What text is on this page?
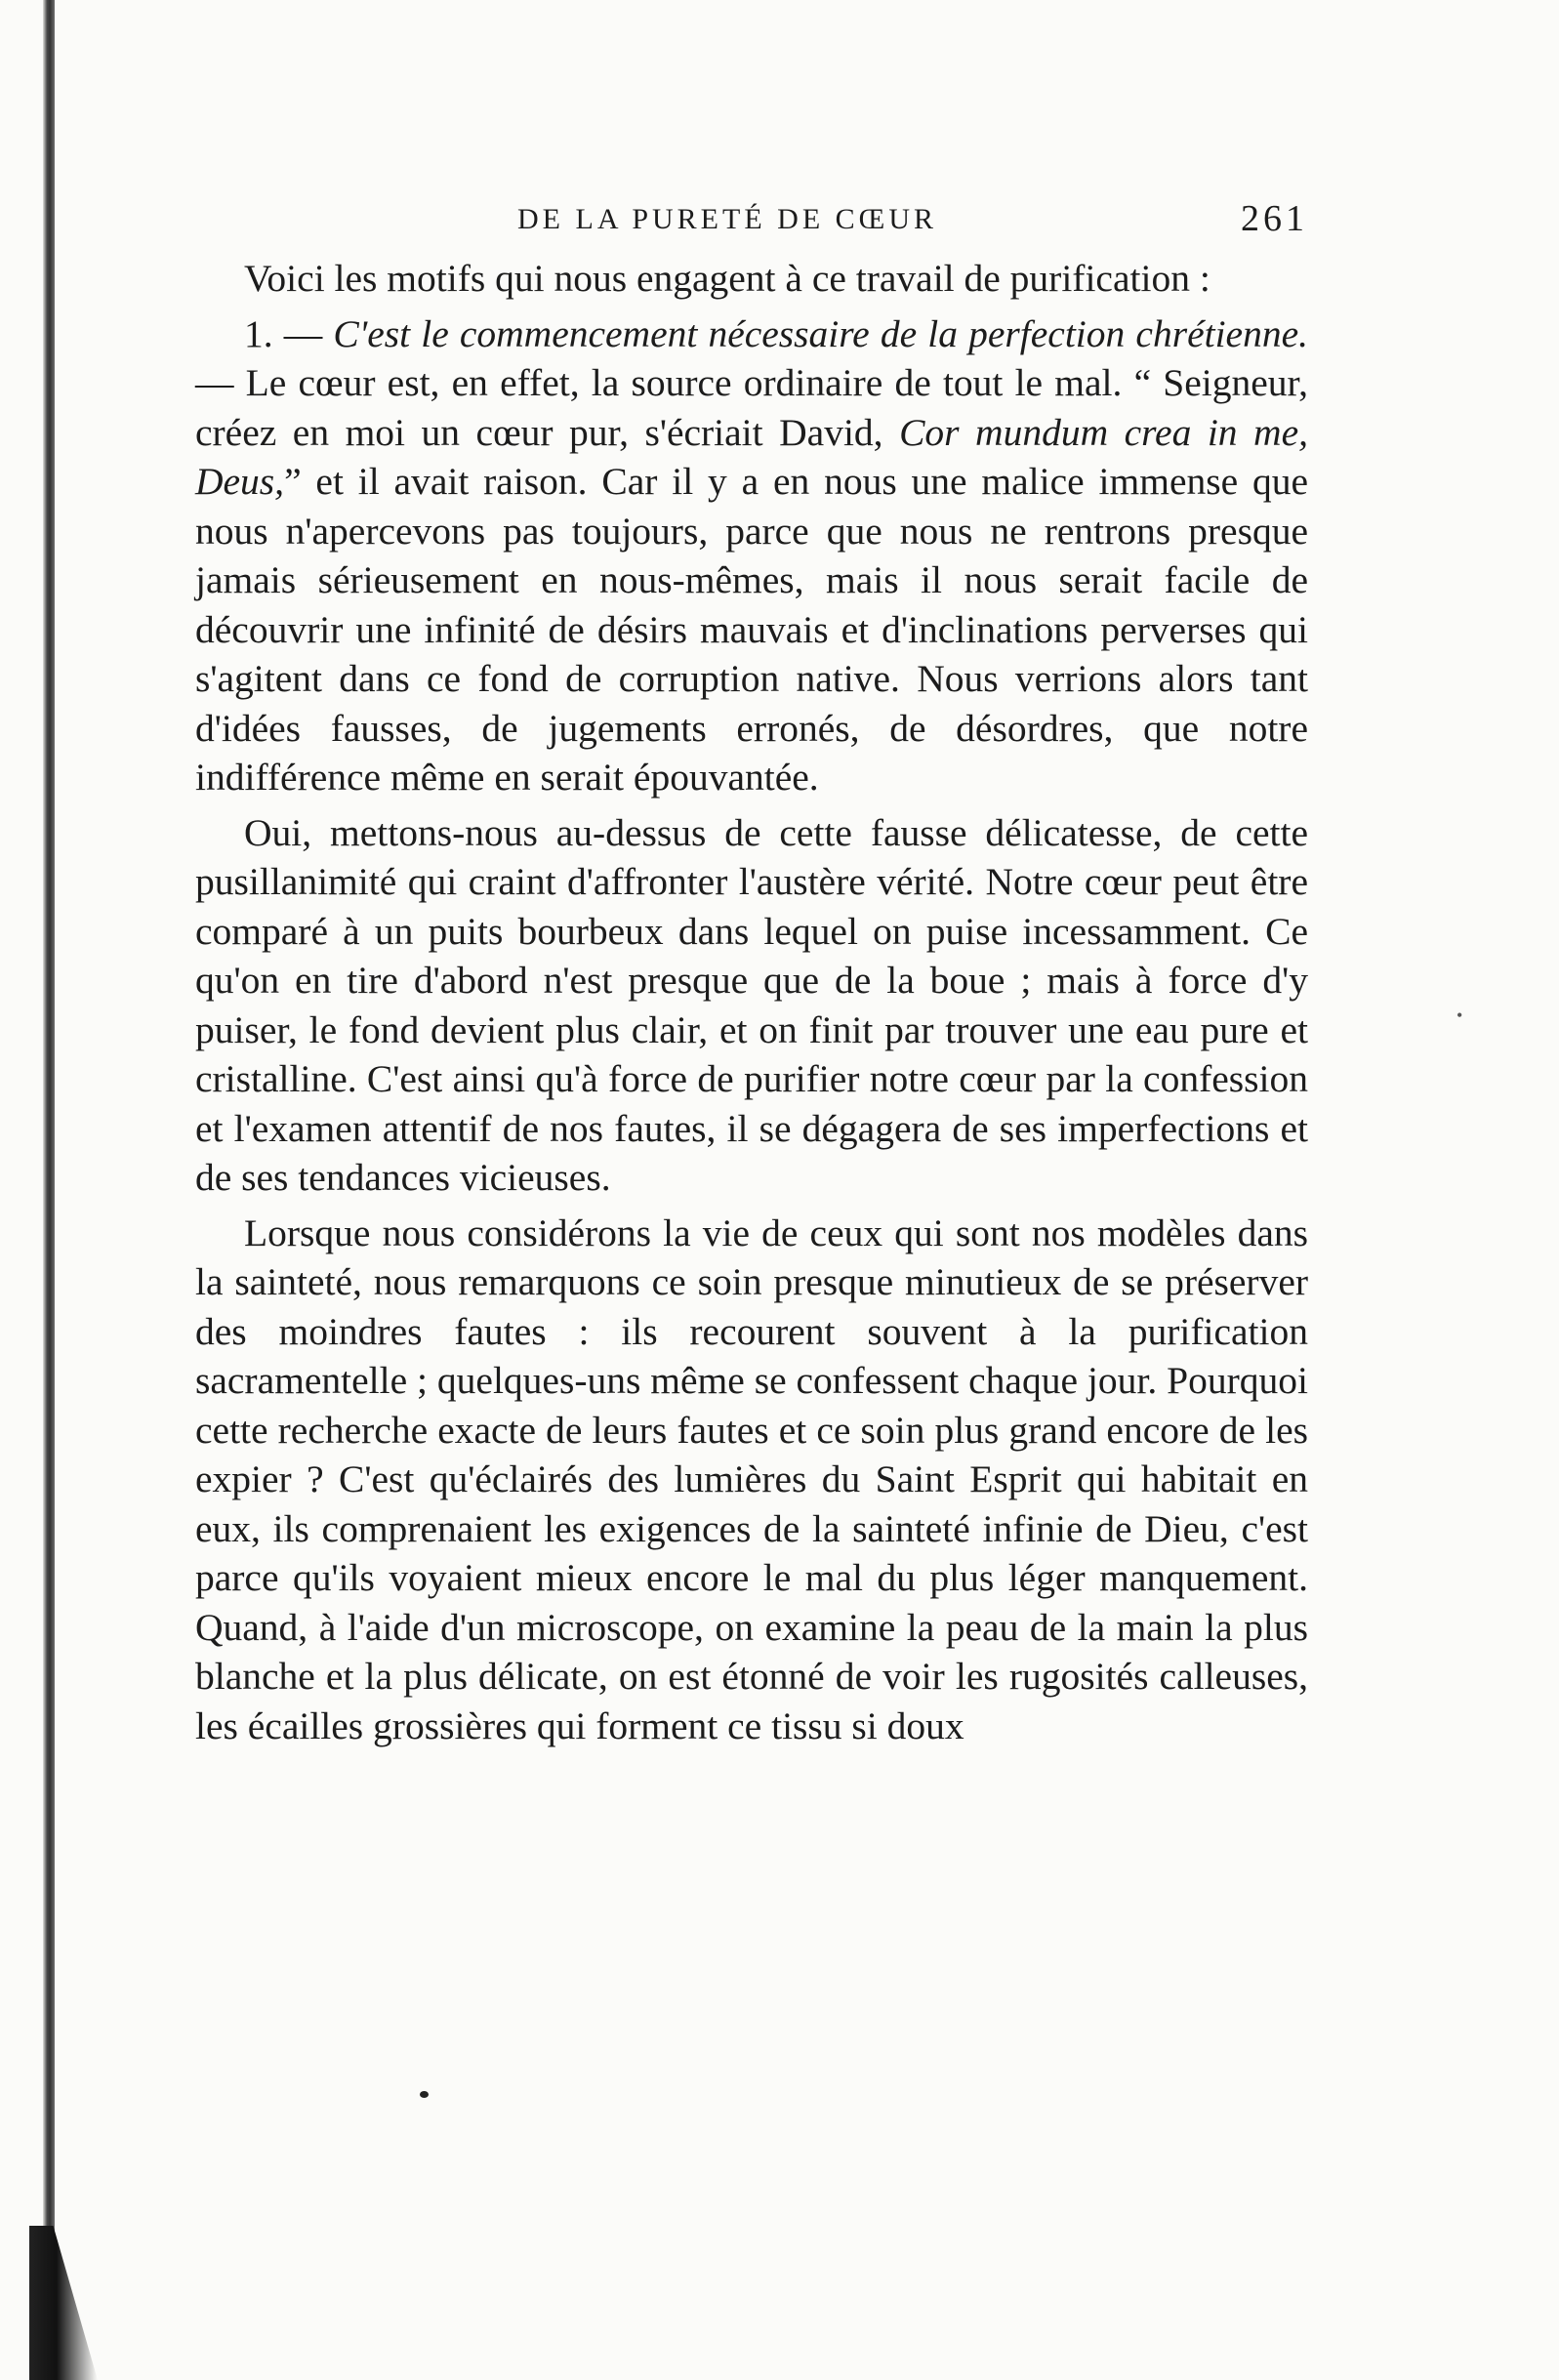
DE LA PURETÉ DE CŒUR	261

Voici les motifs qui nous engagent à ce travail de purification :

1. — C'est le commencement nécessaire de la perfection chrétienne. — Le cœur est, en effet, la source ordinaire de tout le mal. “ Seigneur, créez en moi un cœur pur, s'écriait David, Cor mundum crea in me, Deus,” et il avait raison. Car il y a en nous une malice immense que nous n'apercevons pas toujours, parce que nous ne rentrons presque jamais sérieusement en nous-mêmes, mais il nous serait facile de découvrir une infinité de désirs mauvais et d'inclinations perverses qui s'agitent dans ce fond de corruption native. Nous verrions alors tant d'idées fausses, de jugements erronés, de désordres, que notre indifférence même en serait épouvantée.

Oui, mettons-nous au-dessus de cette fausse délicatesse, de cette pusillanimité qui craint d'affronter l'austère vérité. Notre cœur peut être comparé à un puits bourbeux dans lequel on puise incessamment. Ce qu'on en tire d'abord n'est presque que de la boue ; mais à force d'y puiser, le fond devient plus clair, et on finit par trouver une eau pure et cristalline. C'est ainsi qu'à force de purifier notre cœur par la confession et l'examen attentif de nos fautes, il se dégagera de ses imperfections et de ses tendances vicieuses.

Lorsque nous considérons la vie de ceux qui sont nos modèles dans la sainteté, nous remarquons ce soin presque minutieux de se préserver des moindres fautes : ils recourent souvent à la purification sacramentelle ; quelques-uns même se confessent chaque jour. Pourquoi cette recherche exacte de leurs fautes et ce soin plus grand encore de les expier ? C'est qu'éclairés des lumières du Saint Esprit qui habitait en eux, ils comprenaient les exigences de la sainteté infinie de Dieu, c'est parce qu'ils voyaient mieux encore le mal du plus léger manquement. Quand, à l'aide d'un microscope, on examine la peau de la main la plus blanche et la plus délicate, on est étonné de voir les rugosités calleuses, les écailles grossières qui forment ce tissu si doux

•
